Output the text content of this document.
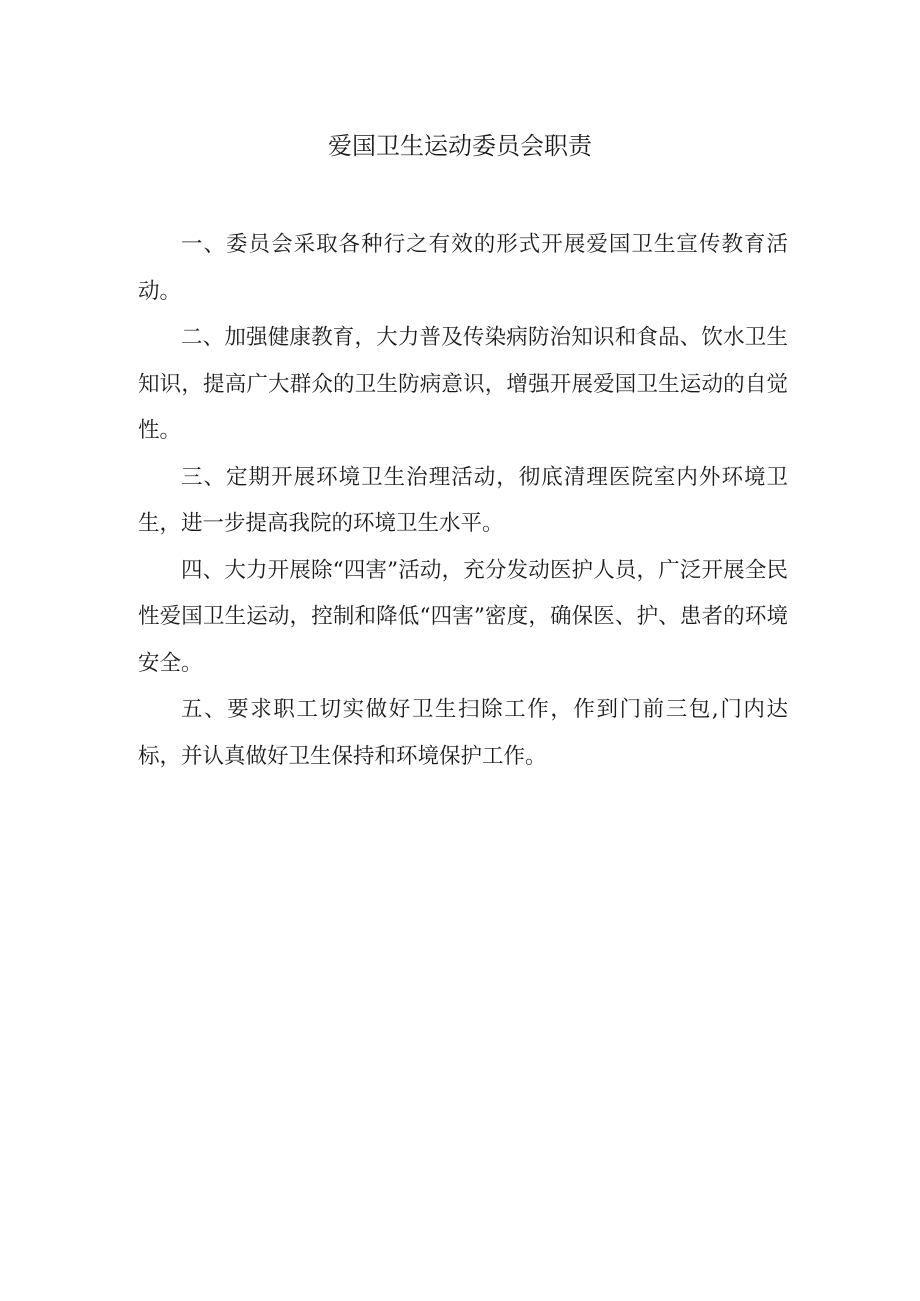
爱国卫生运动委员会职责

一、委员会采取各种行之有效的形式开展爱国卫生宣传教育活动。

二、加强健康教育，大力普及传染病防治知识和食品、饮水卫生知识，提高广大群众的卫生防病意识，增强开展爱国卫生运动的自觉性。

三、定期开展环境卫生治理活动，彻底清理医院室内外环境卫生，进一步提高我院的环境卫生水平。

四、大力开展除“四害”活动，充分发动医护人员，广泛开展全民性爱国卫生运动，控制和降低“四害”密度，确保医、护、患者的环境安全。

五、要求职工切实做好卫生扫除工作，作到门前三包,门内达标，并认真做好卫生保持和环境保护工作。
